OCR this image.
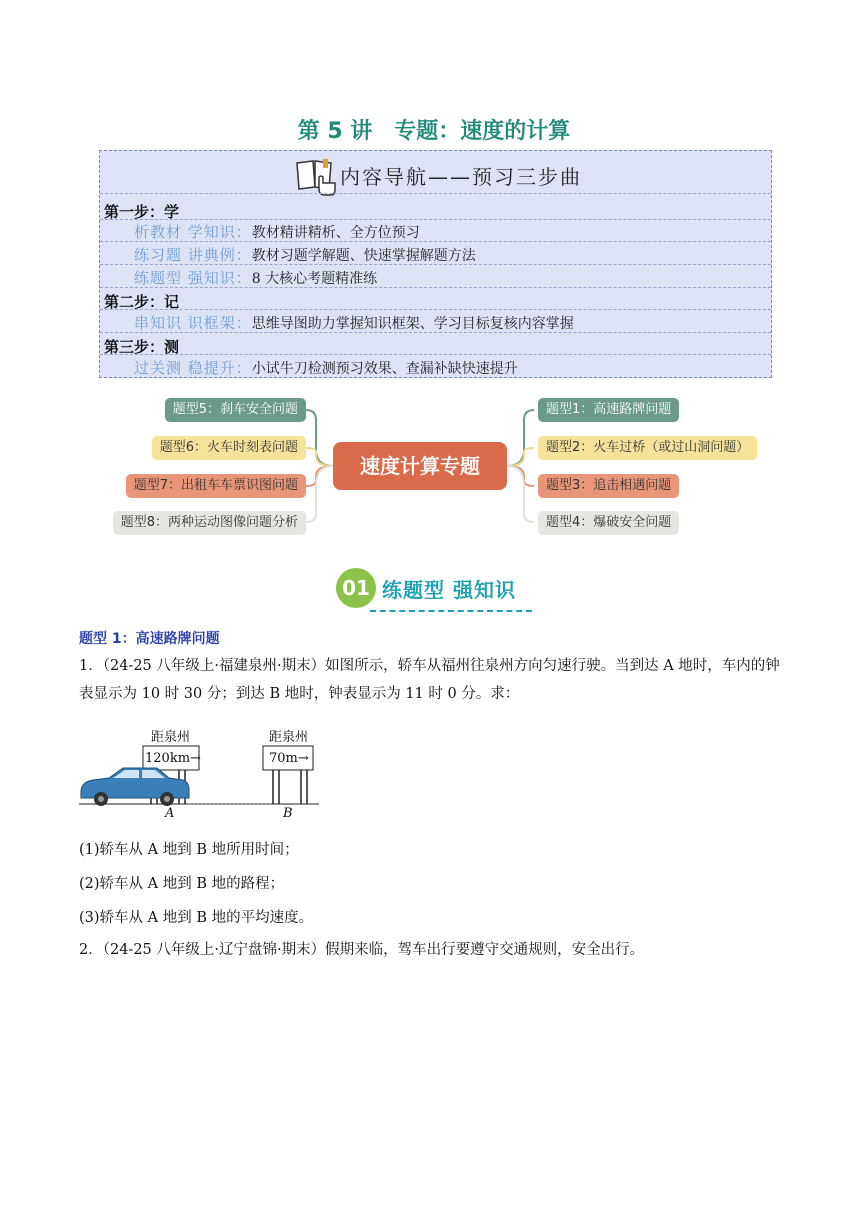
第 5 讲　专题：速度的计算
内容导航——预习三步曲
第一步：学
析教材 学知识：教材精讲精析、全方位预习
练习题 讲典例：教材习题学解题、快速掌握解题方法
练题型 强知识：8 大核心考题精准练
第二步：记
串知识 识框架：思维导图助力掌握知识框架、学习目标复核内容掌握
第三步：测
过关测 稳提升：小试牛刀检测预习效果、查漏补缺快速提升
题型5：刹车安全问题
题型6：火车时刻表问题
题型7：出租车车票识图问题
题型8：两种运动图像问题分析
速度计算专题
题型1：高速路牌问题
题型2：火车过桥（或过山洞问题）
题型3：追击相遇问题
题型4：爆破安全问题
01 练题型 强知识
题型 1：高速路牌问题
1．（24-25 八年级上·福建泉州·期末）如图所示，轿车从福州往泉州方向匀速行驶。当到达 A 地时，车内的钟表显示为 10 时 30 分；到达 B 地时，钟表显示为 11 时 0 分。求：
距泉州
120km→
距泉州
70m→
A	B
(1)轿车从 A 地到 B 地所用时间；
(2)轿车从 A 地到 B 地的路程；
(3)轿车从 A 地到 B 地的平均速度。
2．（24-25 八年级上·辽宁盘锦·期末）假期来临，驾车出行要遵守交通规则，安全出行。
